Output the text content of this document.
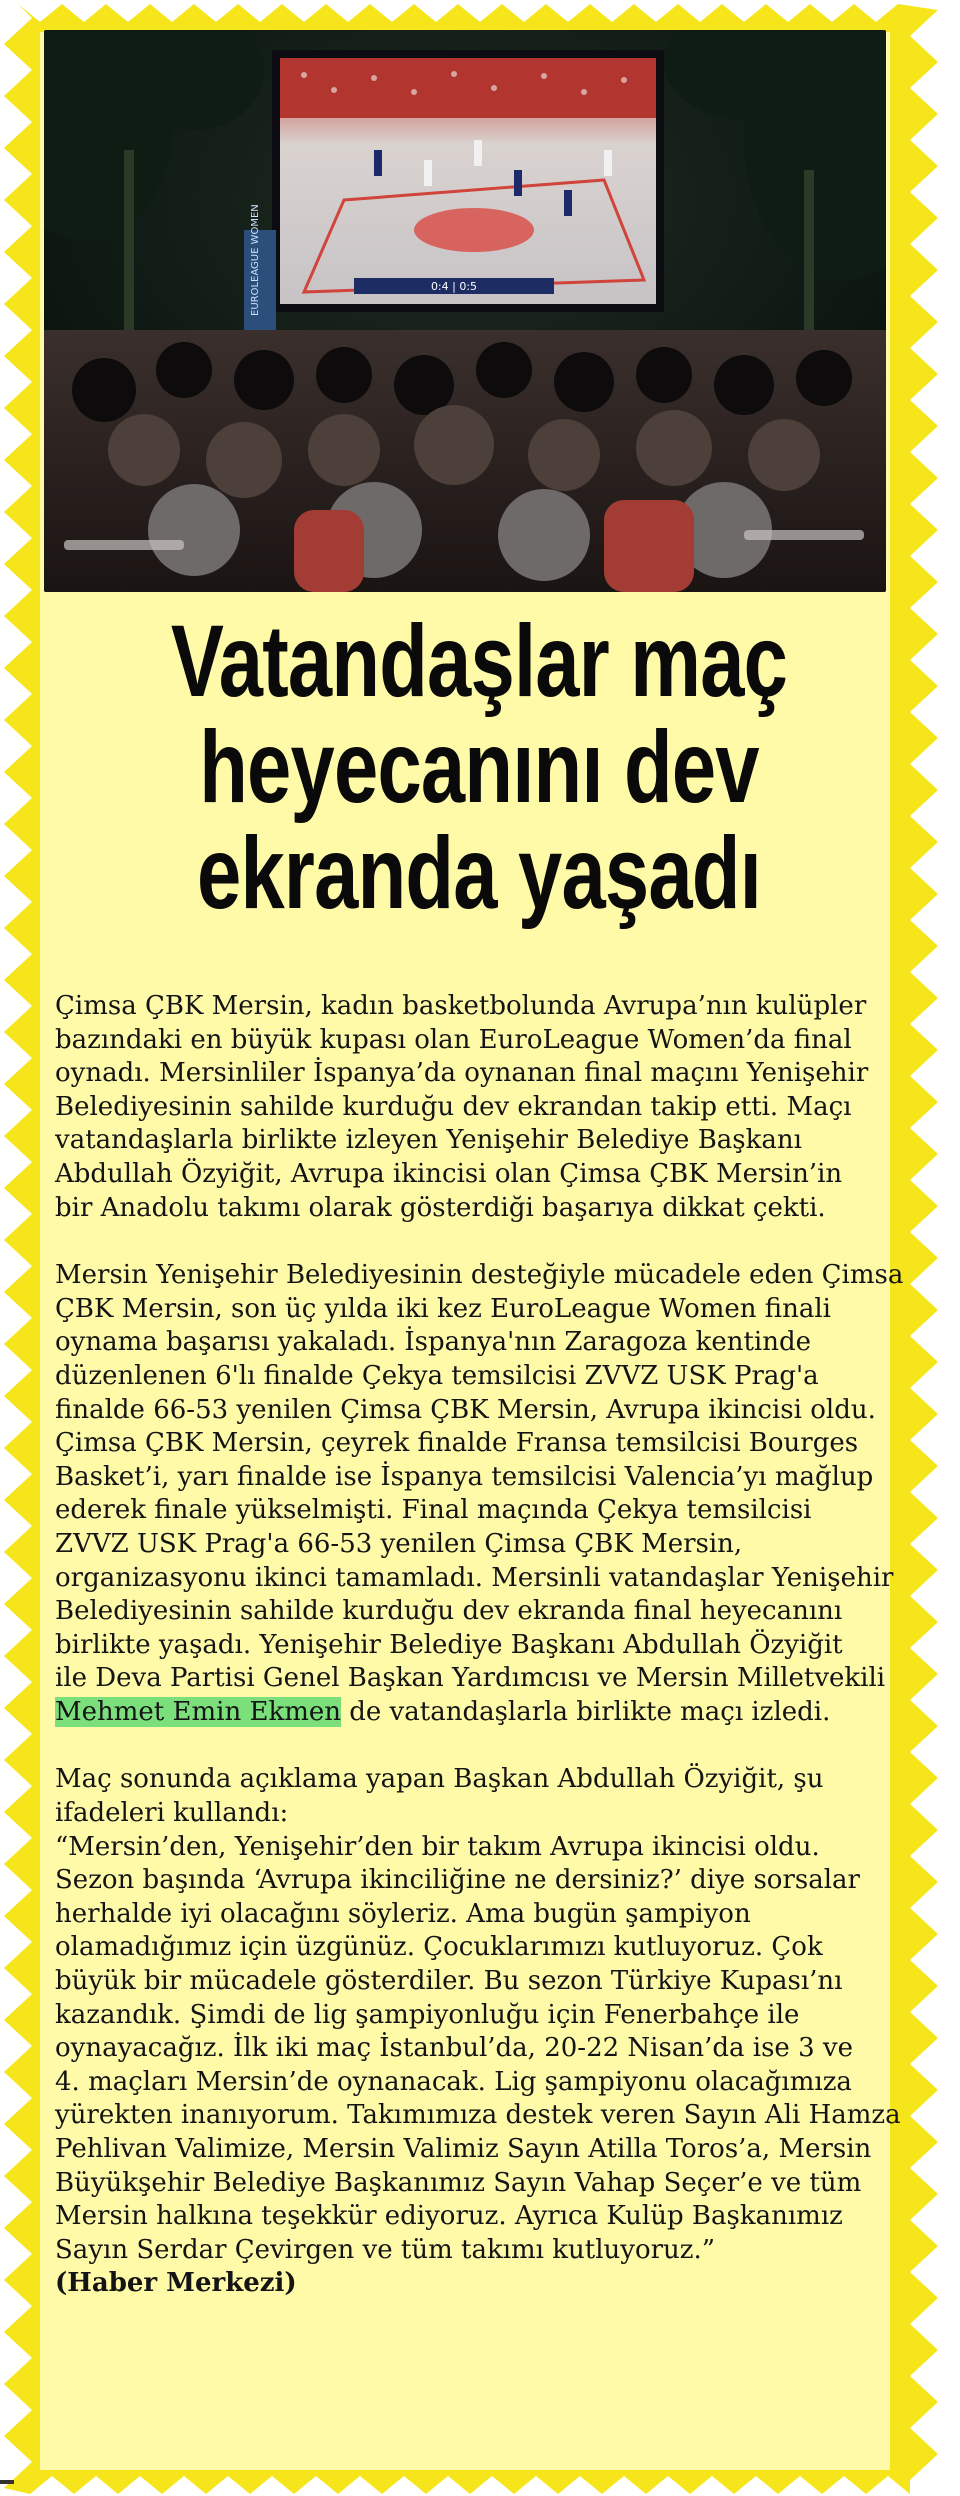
0:4 | 0:5
EUROLEAGUE WOMEN
Vatandaşlar maç
heyecanını dev
ekranda yaşadı

Çimsa ÇBK Mersin, kadın basketbolunda Avrupa’nın kulüpler
bazındaki en büyük kupası olan EuroLeague Women’da final
oynadı. Mersinliler İspanya’da oynanan final maçını Yenişehir
Belediyesinin sahilde kurduğu dev ekrandan takip etti. Maçı
vatandaşlarla birlikte izleyen Yenişehir Belediye Başkanı
Abdullah Özyiğit, Avrupa ikincisi olan Çimsa ÇBK Mersin’in
bir Anadolu takımı olarak gösterdiği başarıya dikkat çekti.

Mersin Yenişehir Belediyesinin desteğiyle mücadele eden Çimsa
ÇBK Mersin, son üç yılda iki kez EuroLeague Women finali
oynama başarısı yakaladı. İspanya'nın Zaragoza kentinde
düzenlenen 6'lı finalde Çekya temsilcisi ZVVZ USK Prag'a
finalde 66-53 yenilen Çimsa ÇBK Mersin, Avrupa ikincisi oldu.
Çimsa ÇBK Mersin, çeyrek finalde Fransa temsilcisi Bourges
Basket’i, yarı finalde ise İspanya temsilcisi Valencia’yı mağlup
ederek finale yükselmişti. Final maçında Çekya temsilcisi
ZVVZ USK Prag'a 66-53 yenilen Çimsa ÇBK Mersin,
organizasyonu ikinci tamamladı. Mersinli vatandaşlar Yenişehir
Belediyesinin sahilde kurduğu dev ekranda final heyecanını
birlikte yaşadı. Yenişehir Belediye Başkanı Abdullah Özyiğit
ile Deva Partisi Genel Başkan Yardımcısı ve Mersin Milletvekili
Mehmet Emin Ekmen de vatandaşlarla birlikte maçı izledi.

Maç sonunda açıklama yapan Başkan Abdullah Özyiğit, şu
ifadeleri kullandı:
“Mersin’den, Yenişehir’den bir takım Avrupa ikincisi oldu.
Sezon başında ‘Avrupa ikinciliğine ne dersiniz?’ diye sorsalar
herhalde iyi olacağını söyleriz. Ama bugün şampiyon
olamadığımız için üzgünüz. Çocuklarımızı kutluyoruz. Çok
büyük bir mücadele gösterdiler. Bu sezon Türkiye Kupası’nı
kazandık. Şimdi de lig şampiyonluğu için Fenerbahçe ile
oynayacağız. İlk iki maç İstanbul’da, 20-22 Nisan’da ise 3 ve
4. maçları Mersin’de oynanacak. Lig şampiyonu olacağımıza
yürekten inanıyorum. Takımımıza destek veren Sayın Ali Hamza
Pehlivan Valimize, Mersin Valimiz Sayın Atilla Toros’a, Mersin
Büyükşehir Belediye Başkanımız Sayın Vahap Seçer’e ve tüm
Mersin halkına teşekkür ediyoruz. Ayrıca Kulüp Başkanımız
Sayın Serdar Çevirgen ve tüm takımı kutluyoruz.”
(Haber Merkezi)
